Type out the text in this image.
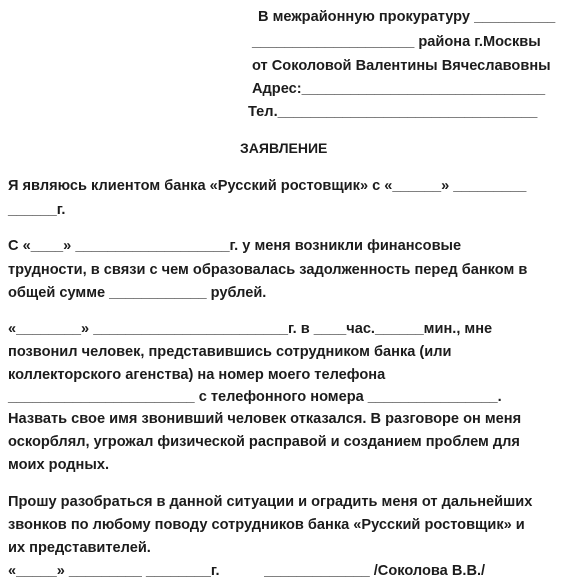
В межрайонную прокуратуру __________
____________________ района г.Москвы
от Соколовой Валентины Вячеславовны
Адрес:______________________________
Тел.________________________________
ЗАЯВЛЕНИЕ
Я являюсь клиентом банка «Русский ростовщик» с «______» _________
______г.
С «____» ___________________г. у меня возникли финансовые
трудности, в связи с чем образовалась задолженность перед банком в
общей сумме ____________ рублей.
«________» ________________________г. в ____час.______мин., мне
позвонил человек, представившись сотрудником банка (или
коллекторского агенства) на номер моего телефона
_______________________ с телефонного номера ________________.
Назвать свое имя звонивший человек отказался. В разговоре он меня
оскорблял, угрожал физической расправой и созданием проблем для
моих родных.
Прошу разобраться в данной ситуации и оградить меня от дальнейших
звонков по любому поводу сотрудников банка «Русский ростовщик» и
их представителей.
«_____» _________ ________г.           _____________ /Соколова В.В./
